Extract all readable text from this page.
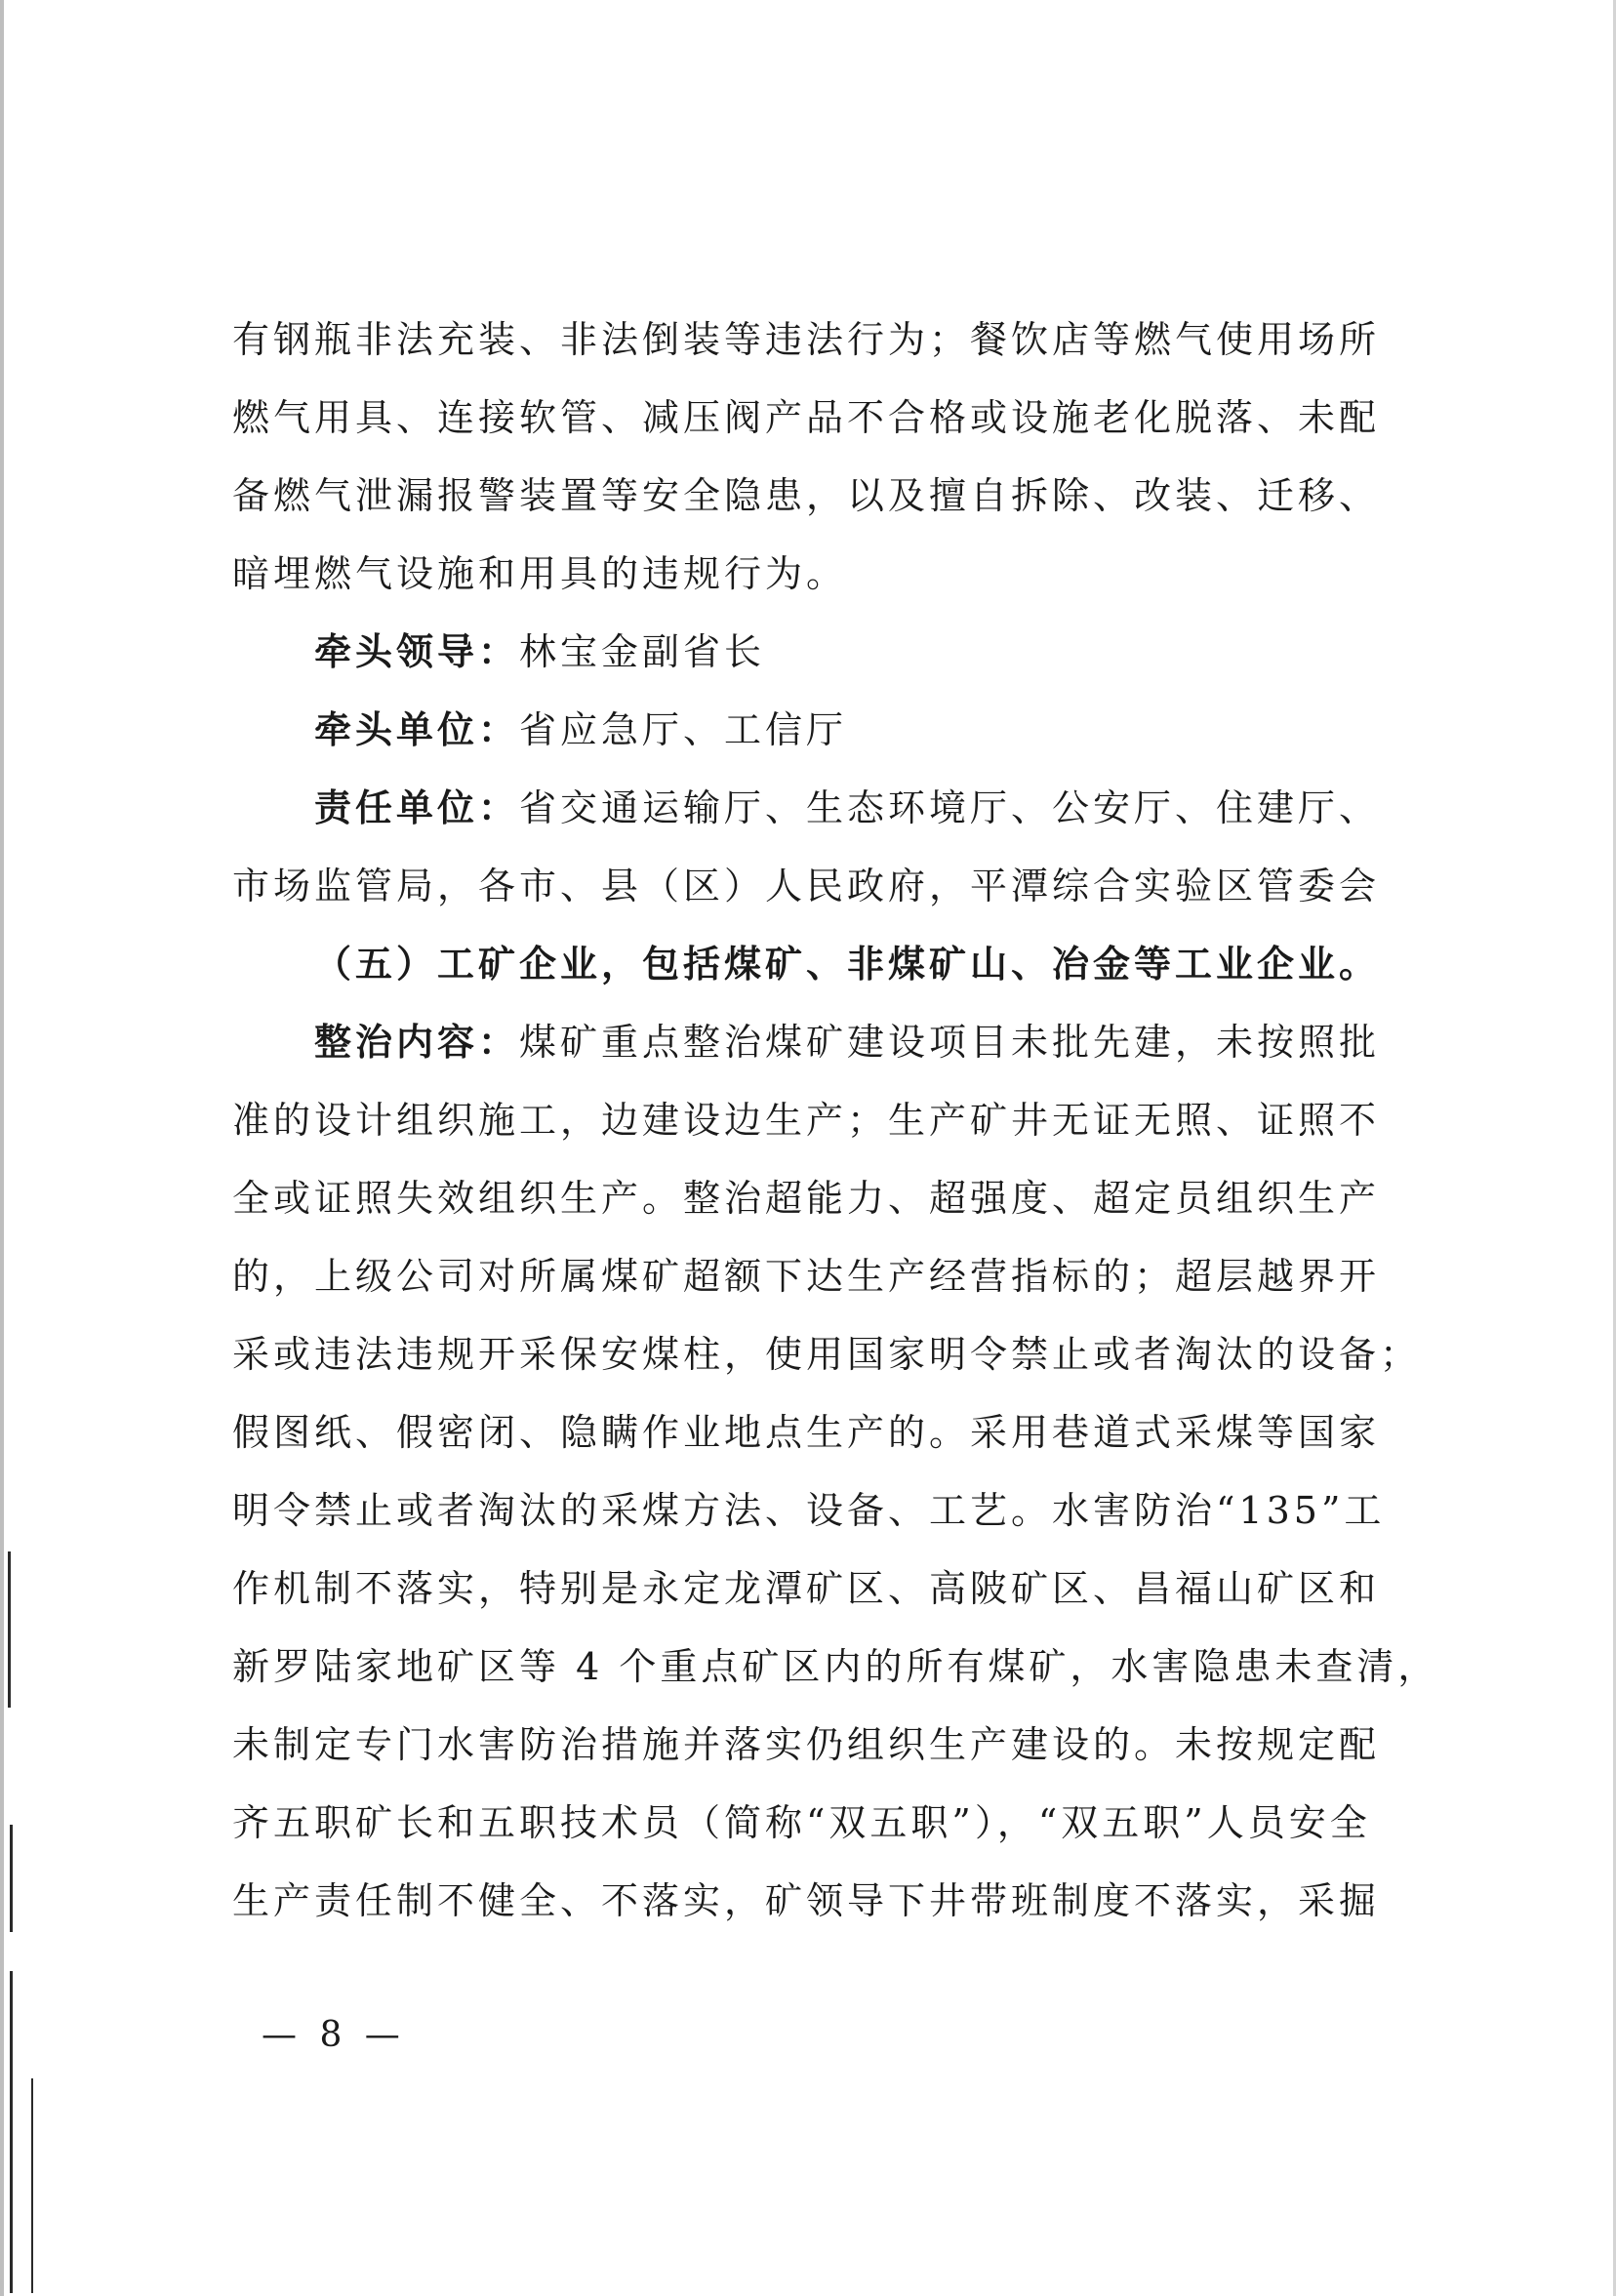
有钢瓶非法充装、非法倒装等违法行为；餐饮店等燃气使用场所
燃气用具、连接软管、减压阀产品不合格或设施老化脱落、未配
备燃气泄漏报警装置等安全隐患，以及擅自拆除、改装、迁移、
暗埋燃气设施和用具的违规行为。
牵头领导：林宝金副省长
牵头单位：省应急厅、工信厅
责任单位：省交通运输厅、生态环境厅、公安厅、住建厅、
市场监管局，各市、县（区）人民政府，平潭综合实验区管委会
（五）工矿企业，包括煤矿、非煤矿山、冶金等工业企业。
整治内容：煤矿重点整治煤矿建设项目未批先建，未按照批
准的设计组织施工，边建设边生产；生产矿井无证无照、证照不
全或证照失效组织生产。整治超能力、超强度、超定员组织生产
的，上级公司对所属煤矿超额下达生产经营指标的；超层越界开
采或违法违规开采保安煤柱，使用国家明令禁止或者淘汰的设备；
假图纸、假密闭、隐瞒作业地点生产的。采用巷道式采煤等国家
明令禁止或者淘汰的采煤方法、设备、工艺。水害防治“135”工
作机制不落实，特别是永定龙潭矿区、高陂矿区、昌福山矿区和
新罗陆家地矿区等 4 个重点矿区内的所有煤矿，水害隐患未查清，
未制定专门水害防治措施并落实仍组织生产建设的。未按规定配
齐五职矿长和五职技术员（简称“双五职”），“双五职”人员安全
生产责任制不健全、不落实，矿领导下井带班制度不落实，采掘
— 8 —
